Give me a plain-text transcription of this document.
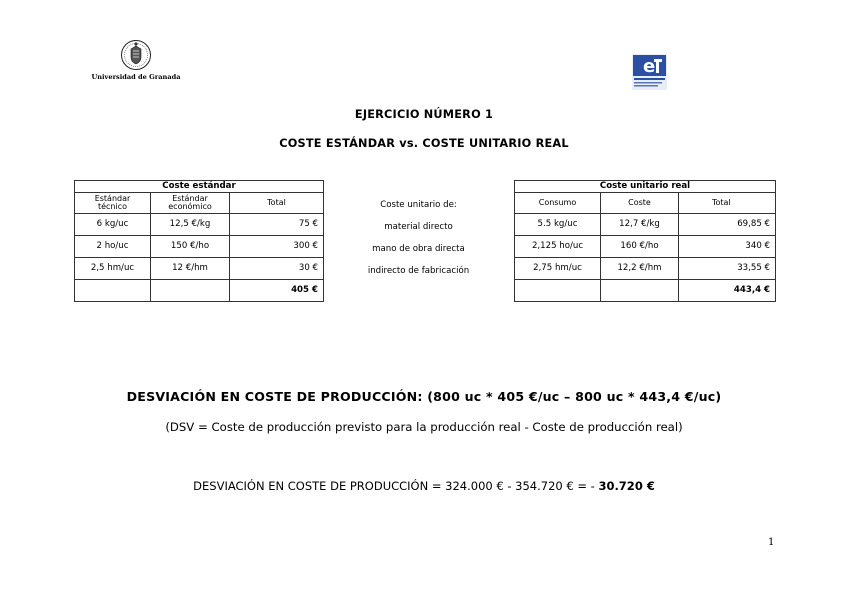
Universidad de Granada	e
EJERCICIO NÚMERO 1
COSTE ESTÁNDAR vs. COSTE UNITARIO REAL
Coste estándar		
Estándar técnico	Estándar económico	Total
6 kg/uc	12,5 €/kg	75 €
2 ho/uc	150 €/ho	300 €
2,5 hm/uc	12 €/hm	30 €
		405 €
Coste unitario de:
material directo
mano de obra directa
indirecto de fabricación
Coste unitario real		
Consumo	Coste	Total
5.5 kg/uc	12,7 €/kg	69,85 €
2,125 ho/uc	160 €/ho	340 €
2,75 hm/uc	12,2 €/hm	33,55 €
		443,4 €
DESVIACIÓN EN COSTE DE PRODUCCIÓN: (800 uc * 405 €/uc – 800 uc * 443,4 €/uc)
(DSV = Coste de producción previsto para la producción real - Coste de producción real)
DESVIACIÓN EN COSTE DE PRODUCCIÓN = 324.000 € - 354.720 € = - 30.720 €
1
